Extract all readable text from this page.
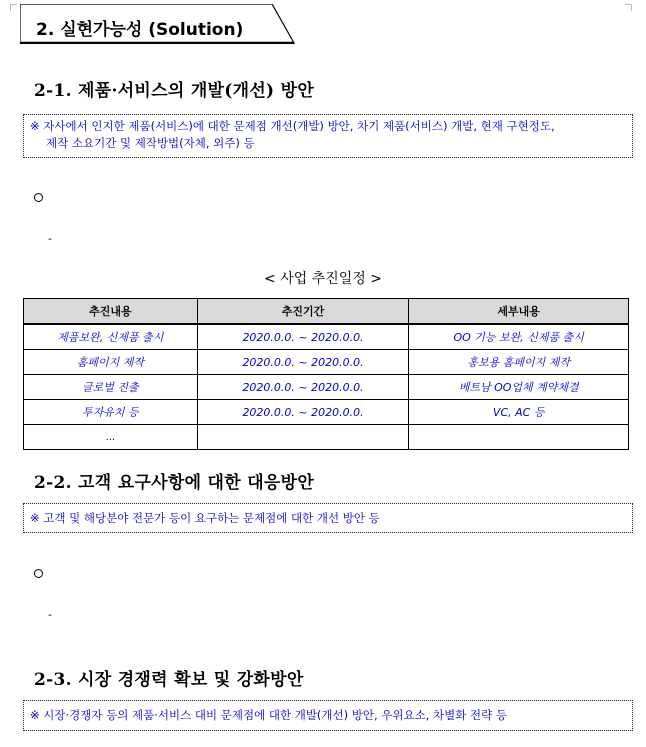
2. 실현가능성 (Solution)
2-1. 제품·서비스의 개발(개선) 방안
※ 자사에서 인지한 제품(서비스)에 대한 문제점 개선(개발) 방안, 차기 제품(서비스) 개발, 현재 구현정도,
제작 소요기간 및 제작방법(자체, 외주) 등
-
< 사업 추진일정 >
추진내용	추진기간	세부내용
제품보완, 신제품 출시	2020.0.0. ~ 2020.0.0.	OO 기능 보완, 신제품 출시
홈페이지 제작	2020.0.0. ~ 2020.0.0.	홍보용 홈페이지 제작
글로벌 진출	2020.0.0. ~ 2020.0.0.	베트남 OO업체 계약체결
투자유치 등	2020.0.0. ~ 2020.0.0.	VC, AC 등
...		
2-2. 고객 요구사항에 대한 대응방안
※ 고객 및 해당분야 전문가 등이 요구하는 문제점에 대한 개선 방안 등
-
2-3. 시장 경쟁력 확보 및 강화방안
※ 시장·경쟁자 등의 제품·서비스 대비 문제점에 대한 개발(개선) 방안, 우위요소, 차별화 전략 등
